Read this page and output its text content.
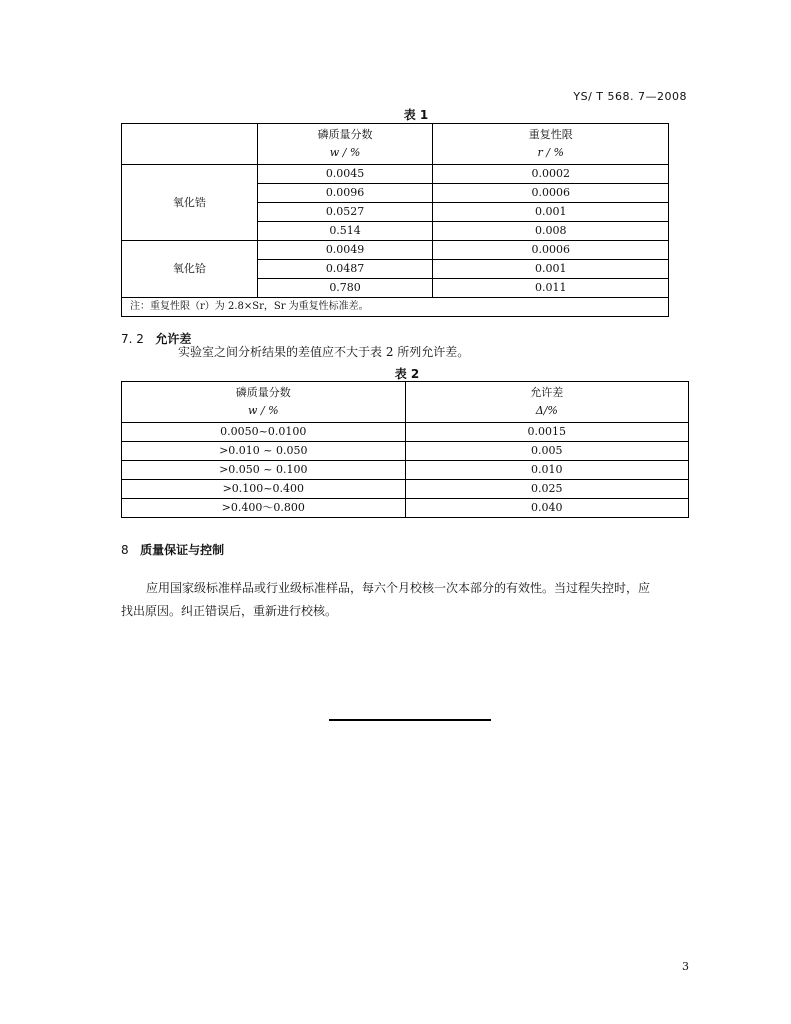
YS/ T 568. 7—2008
表 1
	磷质量分数	重复性限
	w / %	r / %
氧化锆	0.0045	0.0002
	0.0096	0.0006
	0.0527	0.001
	0.514	0.008
氧化铪	0.0049	0.0006
	0.0487	0.001
	0.780	0.011
注：重复性限（r）为 2.8×Sr，Sr 为重复性标准差。		
7. 2 允许差
实验室之间分析结果的差值应不大于表 2 所列允许差。
表 2
磷质量分数	允许差
w / %	Δ/%
0.0050~0.0100	0.0015
>0.010 ~ 0.050	0.005
>0.050 ~ 0.100	0.010
>0.100~0.400	0.025
>0.400～0.800	0.040
8 质量保证与控制
应用国家级标准样品或行业级标准样品，每六个月校核一次本部分的有效性。当过程失控时，应
找出原因。纠正错误后，重新进行校核。
3
